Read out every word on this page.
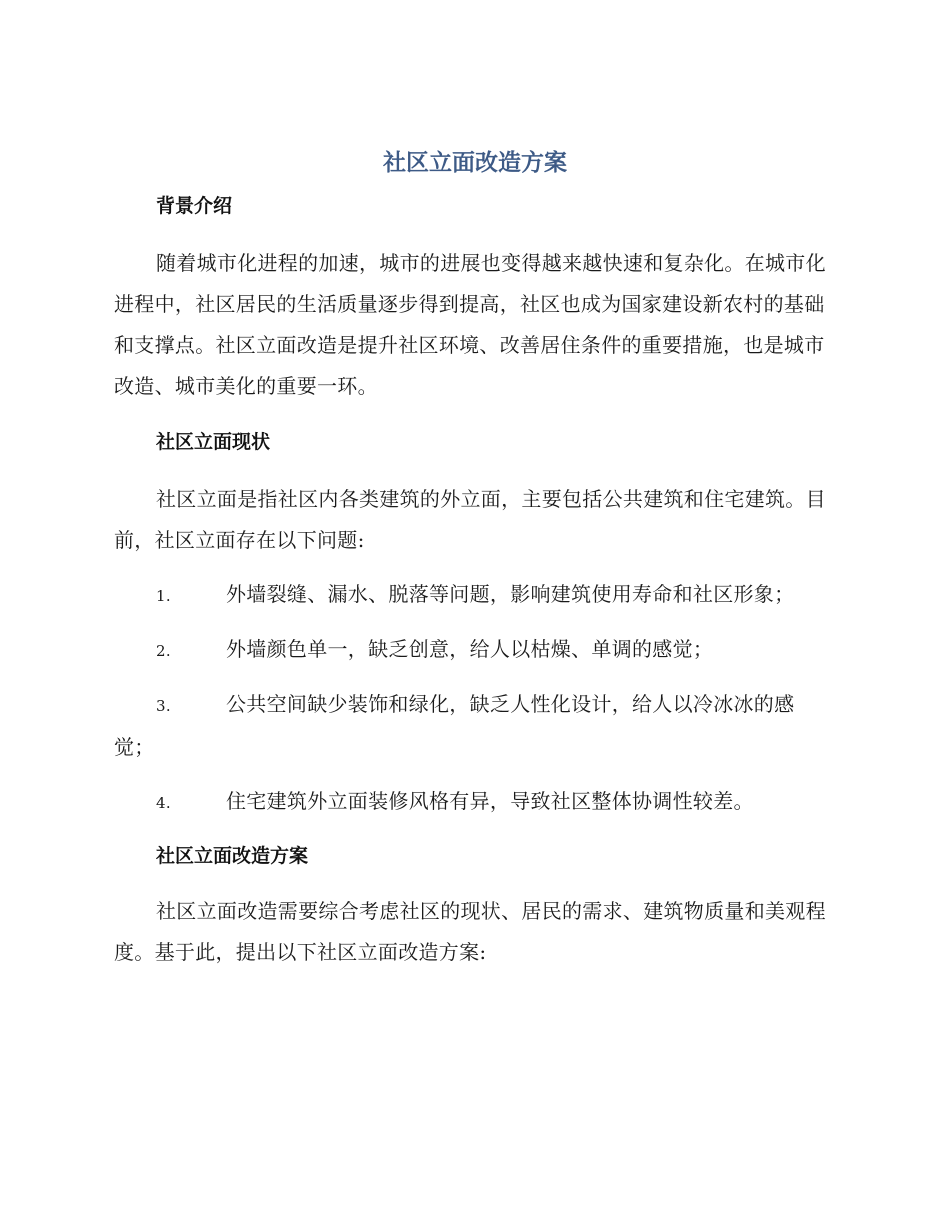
社区立面改造方案
背景介绍

随着城市化进程的加速，城市的进展也变得越来越快速和复杂化。在城市化进程中，社区居民的生活质量逐步得到提高，社区也成为国家建设新农村的基础和支撑点。社区立面改造是提升社区环境、改善居住条件的重要措施，也是城市改造、城市美化的重要一环。

社区立面现状

社区立面是指社区内各类建筑的外立面，主要包括公共建筑和住宅建筑。目前，社区立面存在以下问题:

1.	外墙裂缝、漏水、脱落等问题，影响建筑使用寿命和社区形象；
2.	外墙颜色单一，缺乏创意，给人以枯燥、单调的感觉；
3.	公共空间缺少装饰和绿化，缺乏人性化设计，给人以冷冰冰的感觉；
4.	住宅建筑外立面装修风格有异，导致社区整体协调性较差。
社区立面改造方案

社区立面改造需要综合考虑社区的现状、居民的需求、建筑物质量和美观程度。基于此，提出以下社区立面改造方案:
